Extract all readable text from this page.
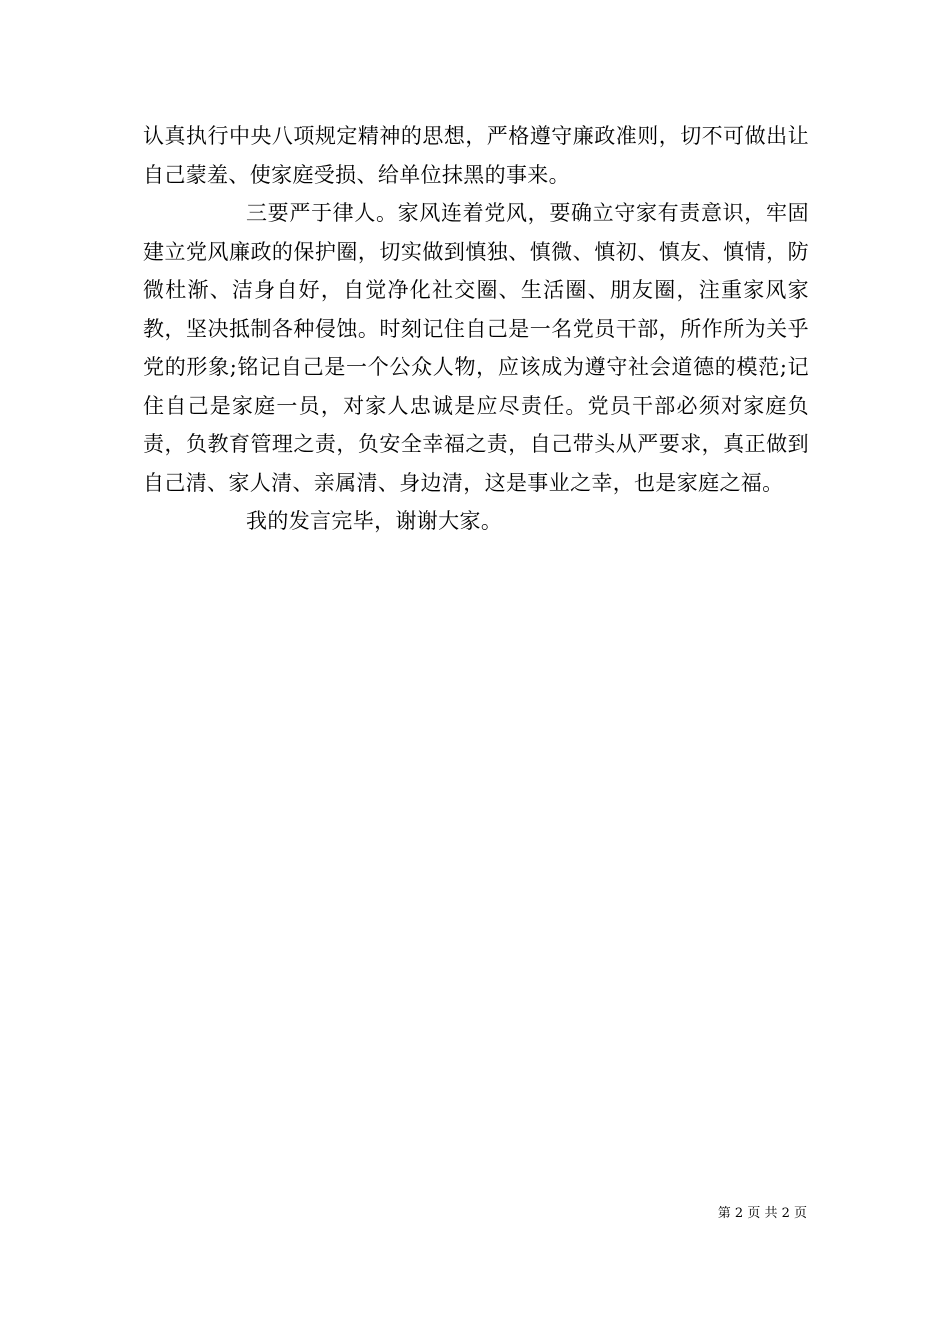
认真执行中央八项规定精神的思想，严格遵守廉政准则，切不可做出让自己蒙羞、使家庭受损、给单位抹黑的事来。

三要严于律人。家风连着党风，要确立守家有责意识，牢固建立党风廉政的保护圈，切实做到慎独、慎微、慎初、慎友、慎情，防微杜渐、洁身自好，自觉净化社交圈、生活圈、朋友圈，注重家风家教，坚决抵制各种侵蚀。时刻记住自己是一名党员干部，所作所为关乎党的形象;铭记自己是一个公众人物，应该成为遵守社会道德的模范;记住自己是家庭一员，对家人忠诚是应尽责任。党员干部必须对家庭负责，负教育管理之责，负安全幸福之责，自己带头从严要求，真正做到自己清、家人清、亲属清、身边清，这是事业之幸，也是家庭之福。

我的发言完毕，谢谢大家。

第 2 页 共 2 页
